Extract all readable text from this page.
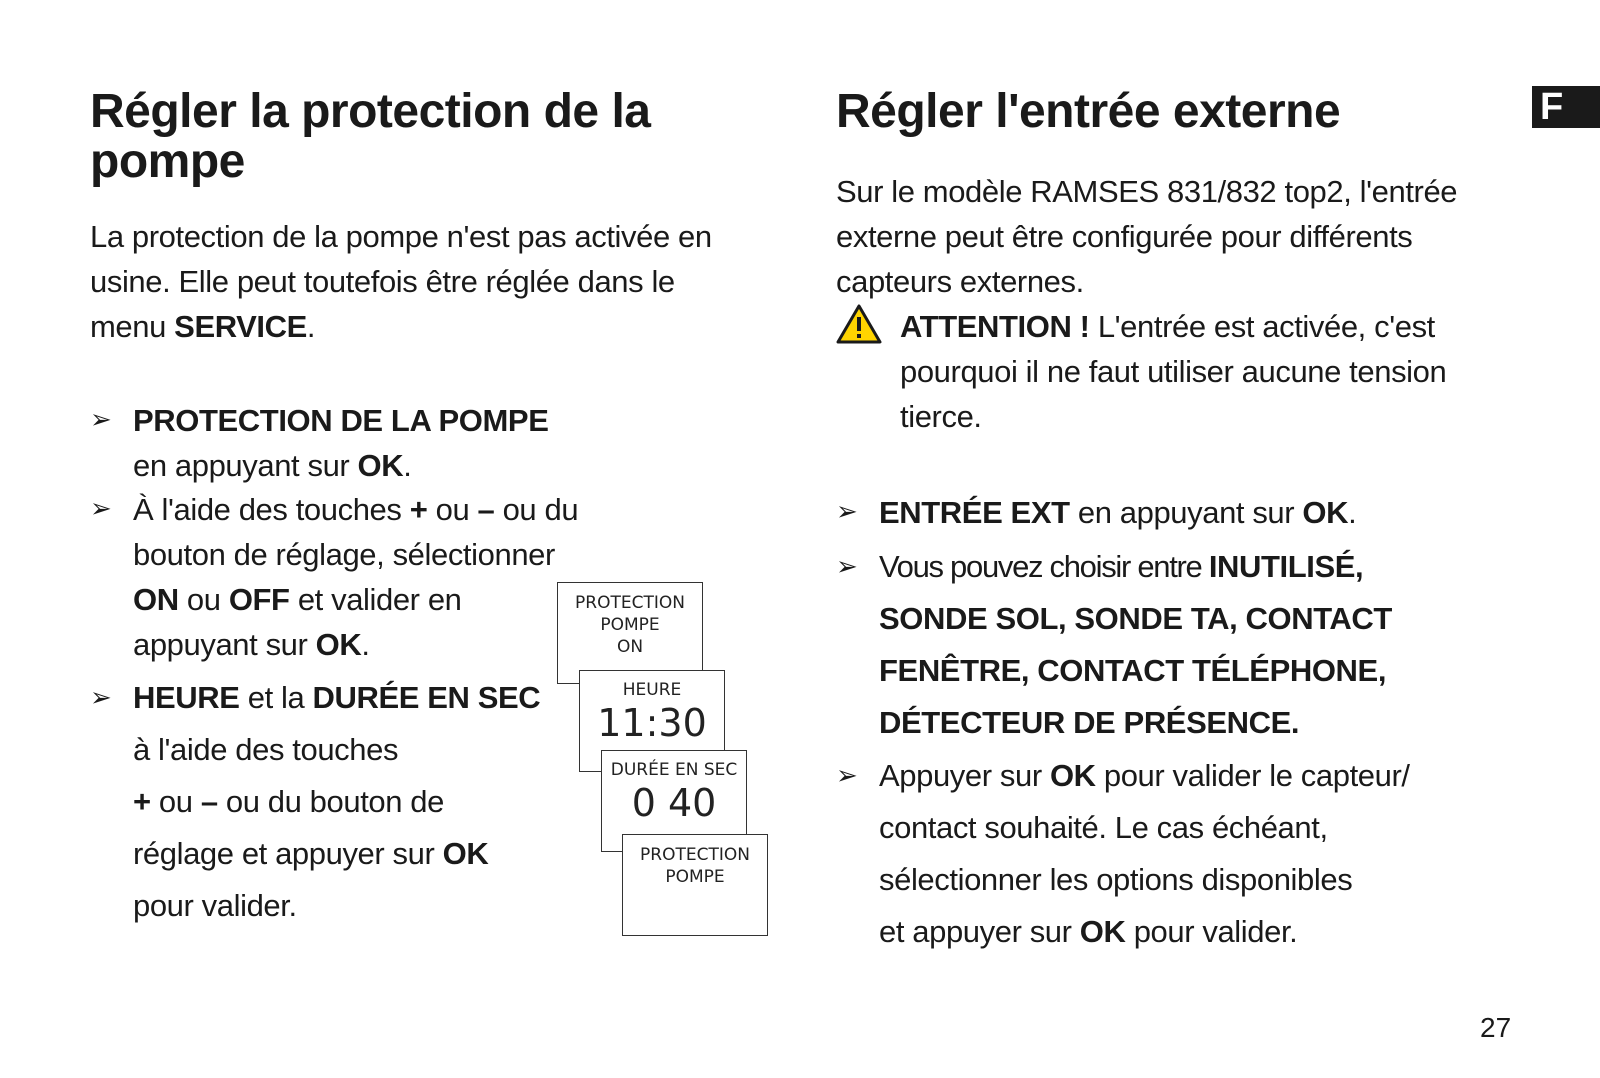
F
Régler la protection de la pompe

La protection de la pompe n'est pas activée en
usine. Elle peut toutefois être réglée dans le
menu SERVICE.

➢ PROTECTION DE LA POMPE
en appuyant sur OK.
➢ À l'aide des touches + ou – ou du
bouton de réglage, sélectionner
ON ou OFF et valider en
appuyant sur OK.
➢ HEURE et la DURÉE EN SEC
à l'aide des touches
+ ou – ou du bouton de
réglage et appuyer sur OK
pour valider.
PROTECTION
POMPE
ON
HEURE
11:30
DURÉE EN SEC
0 40
PROTECTION
POMPE
Régler l'entrée externe

Sur le modèle RAMSES 831/832 top2, l'entrée
externe peut être configurée pour différents
capteurs externes.

ATTENTION ! L'entrée est activée, c'est
pourquoi il ne faut utiliser aucune tension
tierce.
➢ ENTRÉE EXT en appuyant sur OK.
➢ Vous pouvez choisir entre INUTILISÉ,
SONDE SOL, SONDE TA, CONTACT
FENÊTRE, CONTACT TÉLÉPHONE,
DÉTECTEUR DE PRÉSENCE.
➢ Appuyer sur OK pour valider le capteur/
contact souhaité. Le cas échéant,
sélectionner les options disponibles
et appuyer sur OK pour valider.
27
